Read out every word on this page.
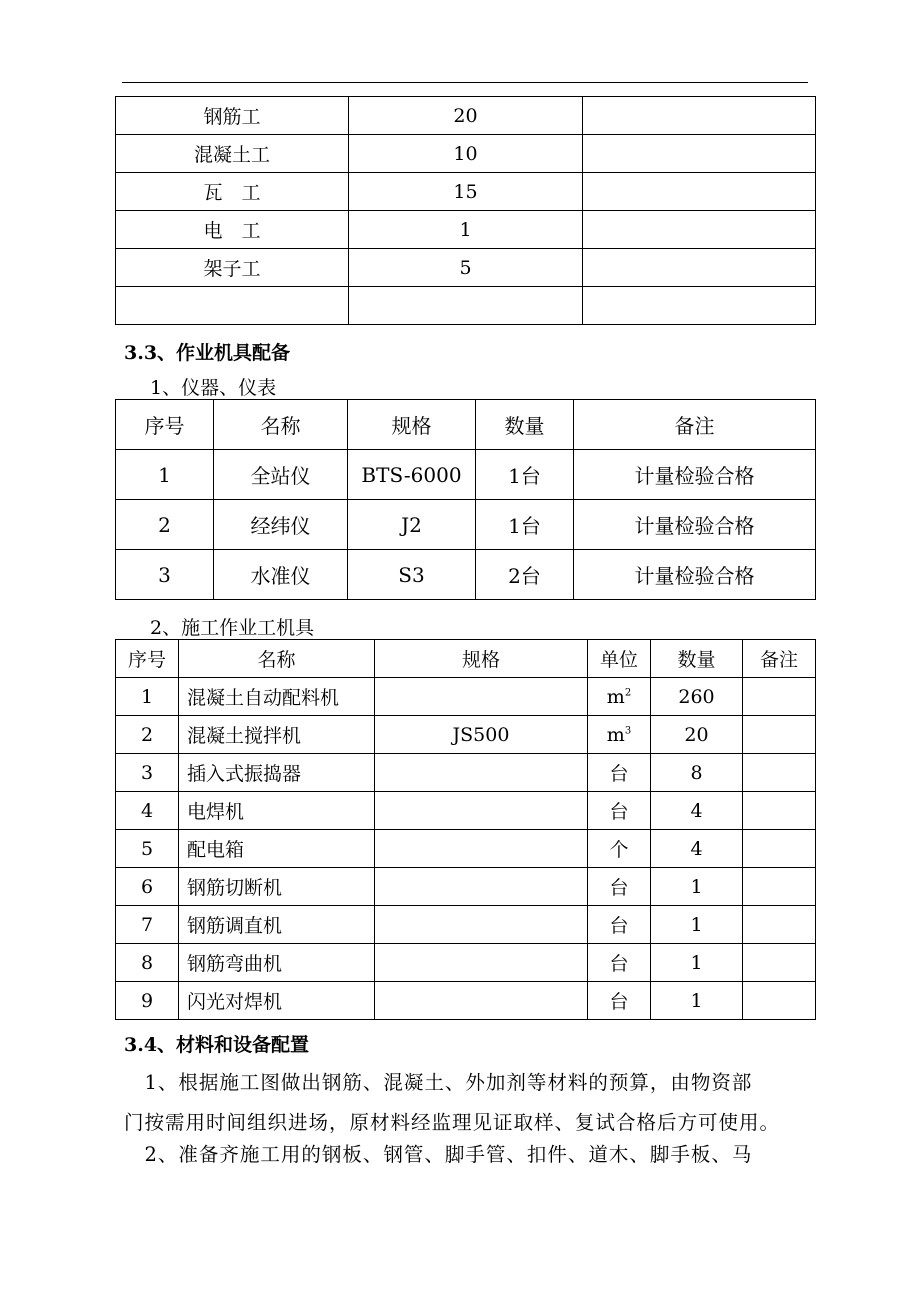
钢筋工	20	
混凝土工	10	
瓦　工	15	
电　工	1	
架子工	5	

3.3、作业机具配备
1、仪器、仪表
序号	名称	规格	数量	备注
1	全站仪	BTS-6000	1台	计量检验合格
2	经纬仪	J2	1台	计量检验合格
3	水准仪	S3	2台	计量检验合格
2、施工作业工机具
序号	名称	规格	单位	数量	备注
1	混凝土自动配料机		$m^2$	260	
2	混凝土搅拌机	JS500	$m^3$	20	
3	插入式振捣器		台	8	
4	电焊机		台	4	
5	配电箱		个	4	
6	钢筋切断机		台	1	
7	钢筋调直机		台	1	
8	钢筋弯曲机		台	1	
9	闪光对焊机		台	1	
3.4、材料和设备配置
　1、根据施工图做出钢筋、混凝土、外加剂等材料的预算，由物资部
门按需用时间组织进场，原材料经监理见证取样、复试合格后方可使用。
　2、准备齐施工用的钢板、钢管、脚手管、扣件、道木、脚手板、马
